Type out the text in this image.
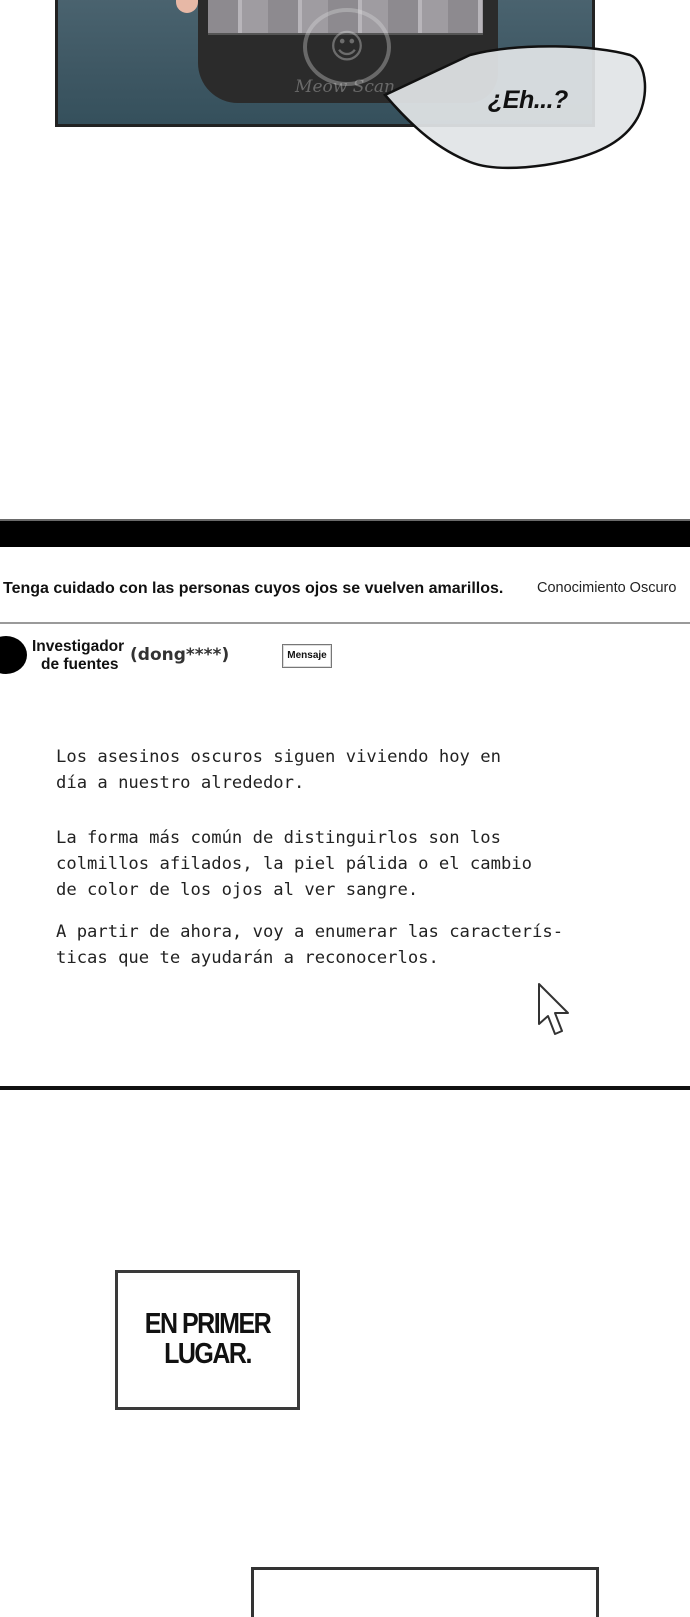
☺
Meow Scan	¿Eh...?
Tenga cuidado con las personas cuyos ojos se vuelven amarillos. Conocimiento Oscuro
Investigador
de fuentes (dong****)	Mensaje
Los asesinos oscuros siguen viviendo hoy en
día a nuestro alrededor.
La forma más común de distinguirlos son los
colmillos afilados, la piel pálida o el cambio
de color de los ojos al ver sangre.
A partir de ahora, voy a enumerar las caracterís-
ticas que te ayudarán a reconocerlos.
EN PRIMER
LUGAR.
